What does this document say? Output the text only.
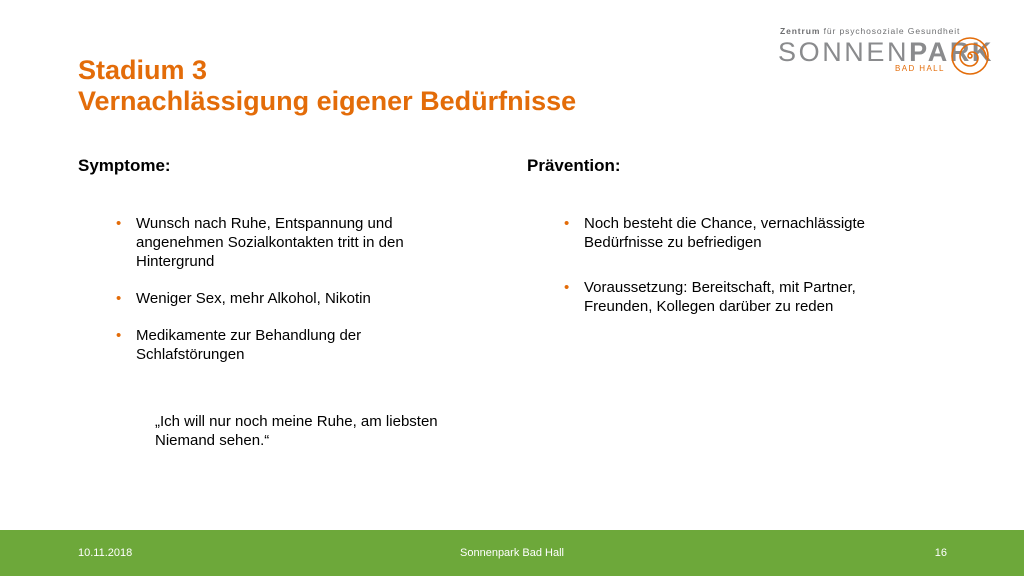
Stadium 3
Vernachlässigung eigener Bedürfnisse
Zentrum für psychosoziale Gesundheit
SONNENPARK
BAD HALL
Symptome:	Prävention:
• Wunsch nach Ruhe, Entspannung und angenehmen Sozialkontakten tritt in den Hintergrund
• Weniger Sex, mehr Alkohol, Nikotin
• Medikamente zur Behandlung der Schlafstörungen

„Ich will nur noch meine Ruhe, am liebsten Niemand sehen.“

• Noch besteht die Chance, vernachlässigte Bedürfnisse zu befriedigen
• Voraussetzung: Bereitschaft, mit Partner, Freunden, Kollegen darüber zu reden
10.11.2018	Sonnenpark Bad Hall	16
